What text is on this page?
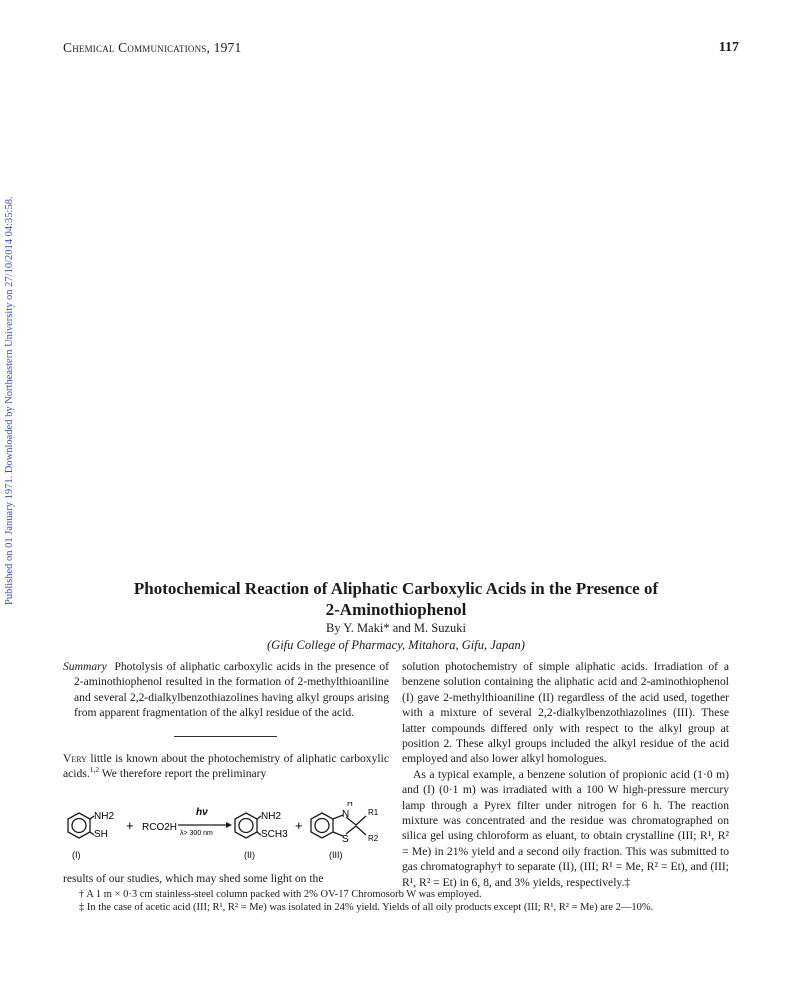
Chemical Communications, 1971	117
Published on 01 January 1971. Downloaded by Northeastern University on 27/10/2014 04:35:58.	Photochemical Reaction of Aliphatic Carboxylic Acids in the Presence of
2-Aminothiophenol
By Y. Maki* and M. Suzuki
(Gifu College of Pharmacy, Mitahora, Gifu, Japan)

Summary Photolysis of aliphatic carboxylic acids in the presence of 2-aminothiophenol resulted in the formation of 2-methylthioaniline and several 2,2-dialkylbenzothiazolines having alkyl groups arising from apparent fragmentation of the alkyl residue of the acid.

Very little is known about the photochemistry of aliphatic carboxylic acids.$^{1,2}$ We therefore report the preliminary

NH2
SH
+ RCO2H
hν
λ> 300 nm
NH2
SCH3
+
H
N
S
R1
R2
(I)	(II)	(III)

results of our studies, which may shed some light on the

solution photochemistry of simple aliphatic acids. Irradiation of a benzene solution containing the aliphatic acid and 2-aminothiophenol (I) gave 2-methylthioaniline (II) regardless of the acid used, together with a mixture of several 2,2-dialkylbenzothiazolines (III). These latter compounds differed only with respect to the alkyl group at position 2. These alkyl groups included the alkyl residue of the acid employed and also lower alkyl homologues.

As a typical example, a benzene solution of propionic acid (1·0 m) and (I) (0·1 m) was irradiated with a 100 W high-pressure mercury lamp through a Pyrex filter under nitrogen for 6 h. The reaction mixture was concentrated and the residue was chromatographed on silica gel using chloroform as eluant, to obtain crystalline (III; R¹, R² = Me) in 21% yield and a second oily fraction. This was submitted to gas chromatography† to separate (II), (III; R¹ = Me, R² = Et), and (III; R¹, R² = Et) in 6, 8, and 3% yields, respectively.‡

† A 1 m × 0·3 cm stainless-steel column packed with 2% OV-17 Chromosorb W was employed.

‡ In the case of acetic acid (III; R¹, R² = Me) was isolated in 24% yield. Yields of all oily products except (III; R¹, R² = Me) are 2—10%.
